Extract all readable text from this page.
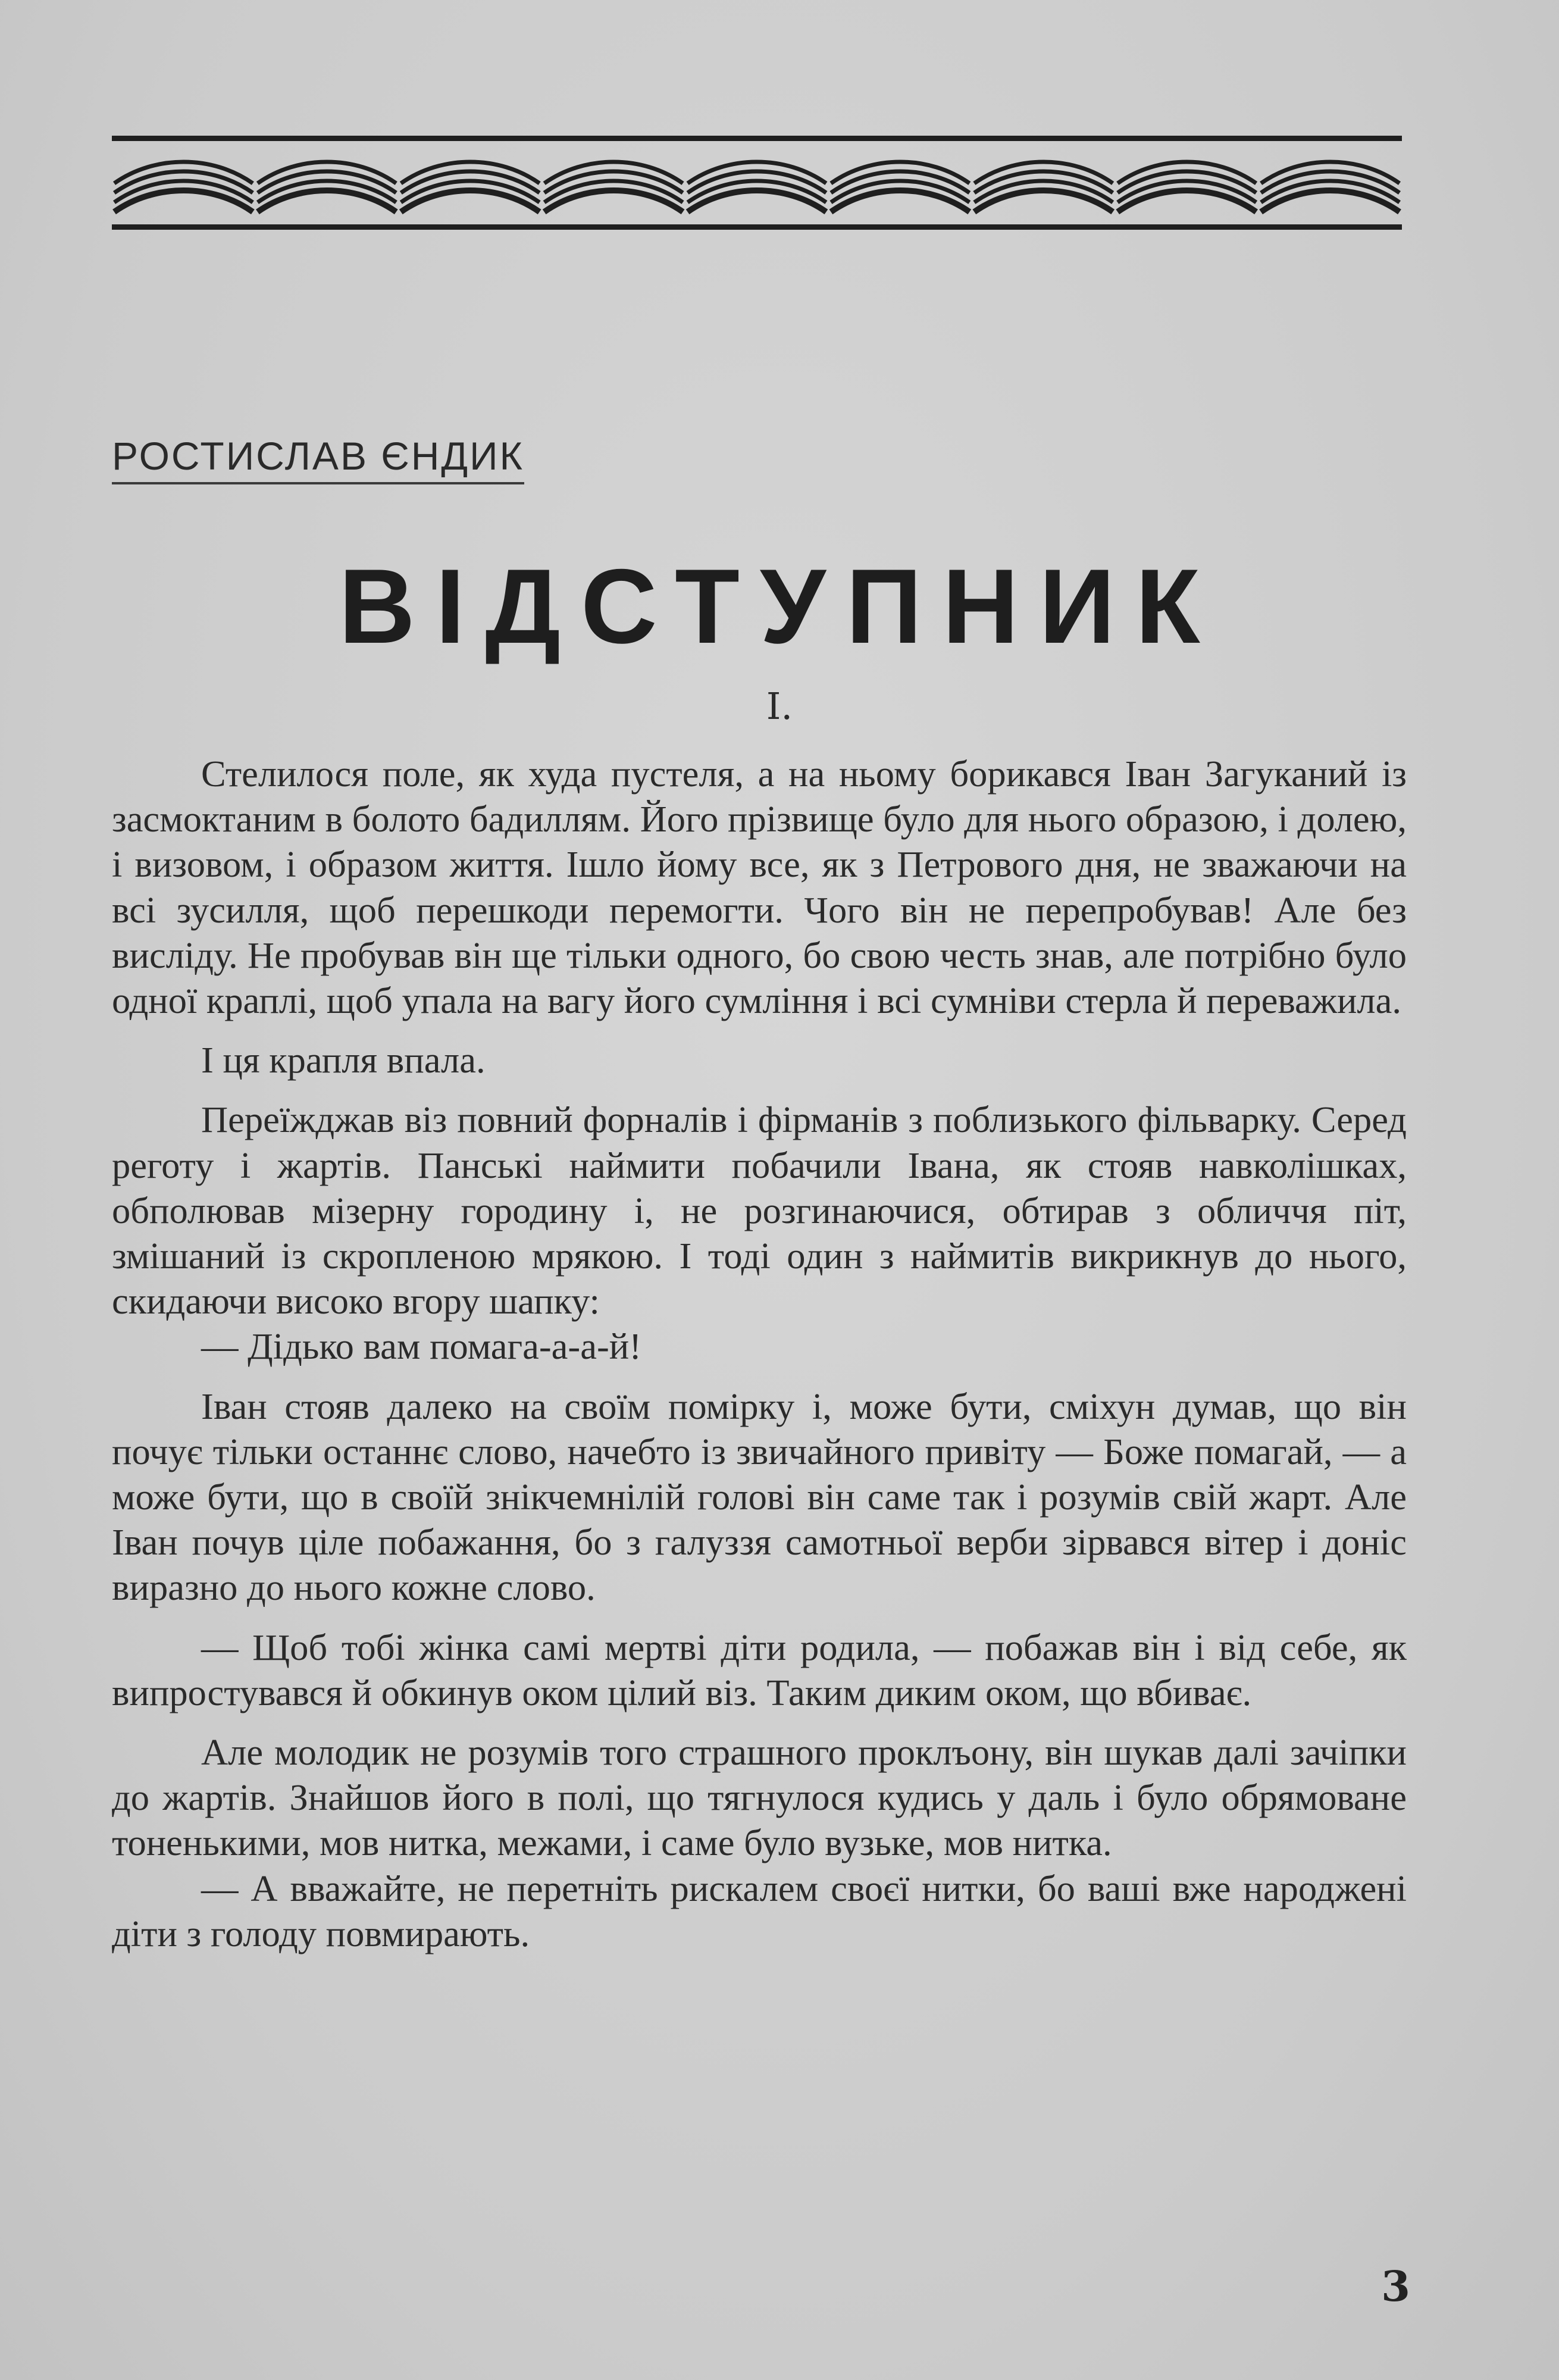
РОСТИСЛАВ ЄНДИК
ВІДСТУПНИК
І.

Стелилося поле, як худа пустеля, а на ньому борикався Іван Загуканий із засмоктаним в болото бадиллям. Його прізвище було для нього образою, і долею, і визовом, і образом життя. Ішло йому все, як з Петрового дня, не зважаючи на всі зусилля, щоб перешкоди перемогти. Чого він не перепробував! Але без висліду. Не пробував він ще тільки одного, бо свою честь знав, але потрібно було одної краплі, щоб упала на вагу його сумління і всі сумніви стерла й переважила.

І ця крапля впала.

Переїжджав віз повний форналів і фірманів з поблизького фільварку. Серед реготу і жартів. Панські наймити побачили Івана, як стояв навколішках, обполював мізерну городину і, не розгинаючися, обтирав з обличчя піт, змішаний із скропленою мрякою. І тоді один з наймитів викрикнув до нього, скидаючи високо вгору шапку:

— Дідько вам помага-а-а-й!

Іван стояв далеко на своїм помірку і, може бути, сміхун думав, що він почує тільки останнє слово, начебто із звичайного привіту — Боже помагай, — а може бути, що в своїй знікчемнілій голові він саме так і розумів свій жарт. Але Іван почув ціле побажання, бо з галуззя самотньої верби зірвався вітер і доніс виразно до нього кожне слово.

— Щоб тобі жінка самі мертві діти родила, — побажав він і від себе, як випростувався й обкинув оком цілий віз. Таким диким оком, що вбиває.

Але молодик не розумів того страшного проклъону, він шукав далі зачіпки до жартів. Знайшов його в полі, що тягнулося кудись у даль і було обрямоване тоненькими, мов нитка, межами, і саме було вузьке, мов нитка.

— А вважайте, не перетніть рискалем своєї нитки, бо ваші вже народжені діти з голоду повмирають.

3
